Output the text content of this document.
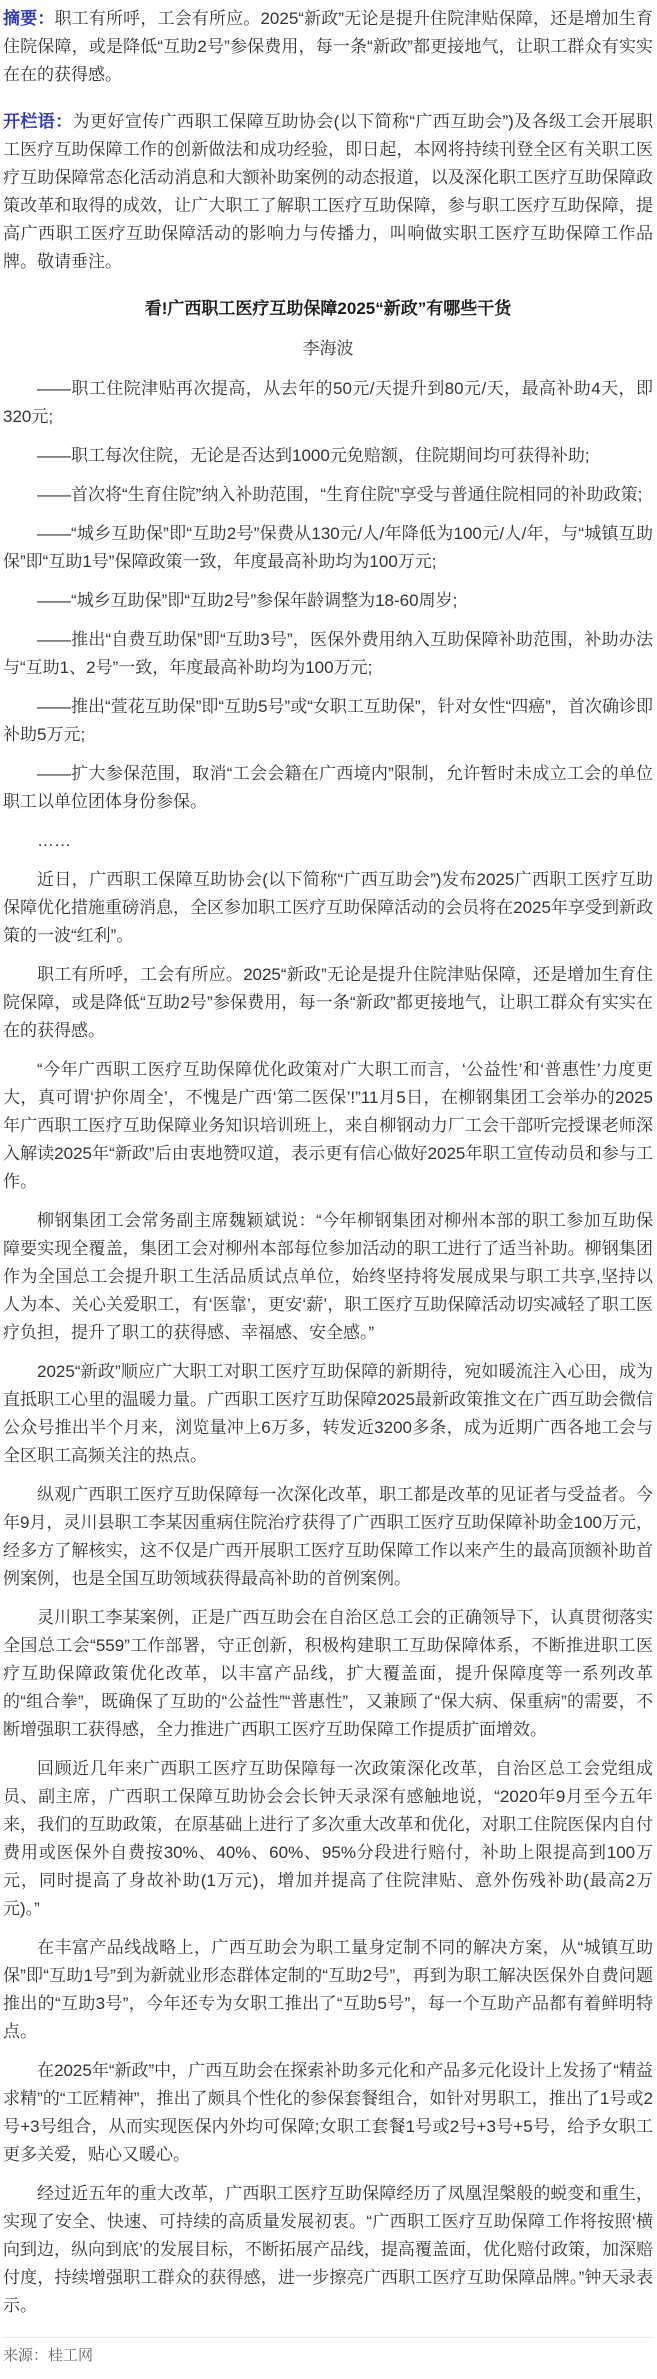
摘要：职工有所呼，工会有所应。2025“新政”无论是提升住院津贴保障，还是增加生育住院保障，或是降低“互助2号”参保费用，每一条“新政”都更接地气，让职工群众有实实在在的获得感。

开栏语：为更好宣传广西职工保障互助协会(以下简称“广西互助会”)及各级工会开展职工医疗互助保障工作的创新做法和成功经验，即日起，本网将持续刊登全区有关职工医疗互助保障常态化活动消息和大额补助案例的动态报道，以及深化职工医疗互助保障政策改革和取得的成效，让广大职工了解职工医疗互助保障，参与职工医疗互助保障，提高广西职工医疗互助保障活动的影响力与传播力，叫响做实职工医疗互助保障工作品牌。敬请垂注。

看!广西职工医疗互助保障2025“新政”有哪些干货
李海波

——职工住院津贴再次提高，从去年的50元/天提升到80元/天，最高补助4天，即320元;

——职工每次住院，无论是否达到1000元免赔额，住院期间均可获得补助;

——首次将“生育住院”纳入补助范围，“生育住院”享受与普通住院相同的补助政策;

——“城乡互助保”即“互助2号”保费从130元/人/年降低为100元/人/年，与“城镇互助保”即“互助1号”保障政策一致，年度最高补助均为100万元;

——“城乡互助保”即“互助2号”参保年龄调整为18-60周岁;

——推出“自费互助保”即“互助3号”，医保外费用纳入互助保障补助范围，补助办法与“互助1、2号”一致，年度最高补助均为100万元;

——推出“萱花互助保”即“互助5号”或“女职工互助保”，针对女性“四癌”，首次确诊即补助5万元;

——扩大参保范围，取消“工会会籍在广西境内”限制，允许暂时未成立工会的单位职工以单位团体身份参保。

……

近日，广西职工保障互助协会(以下简称“广西互助会”)发布2025广西职工医疗互助保障优化措施重磅消息，全区参加职工医疗互助保障活动的会员将在2025年享受到新政策的一波“红利”。

职工有所呼，工会有所应。2025“新政”无论是提升住院津贴保障，还是增加生育住院保障，或是降低“互助2号”参保费用，每一条“新政”都更接地气，让职工群众有实实在在的获得感。

“今年广西职工医疗互助保障优化政策对广大职工而言，‘公益性’和‘普惠性’力度更大，真可谓‘护你周全’，不愧是广西‘第二医保’!”11月5日，在柳钢集团工会举办的2025年广西职工医疗互助保障业务知识培训班上，来自柳钢动力厂工会干部听完授课老师深入解读2025年“新政”后由衷地赞叹道，表示更有信心做好2025年职工宣传动员和参与工作。

柳钢集团工会常务副主席魏颖斌说：“今年柳钢集团对柳州本部的职工参加互助保障要实现全覆盖，集团工会对柳州本部每位参加活动的职工进行了适当补助。柳钢集团作为全国总工会提升职工生活品质试点单位，始终坚持将发展成果与职工共享,坚持以人为本、关心关爱职工，有‘医靠’，更安‘薪’，职工医疗互助保障活动切实减轻了职工医疗负担，提升了职工的获得感、幸福感、安全感。”

2025“新政”顺应广大职工对职工医疗互助保障的新期待，宛如暖流注入心田，成为直抵职工心里的温暖力量。广西职工医疗互助保障2025最新政策推文在广西互助会微信公众号推出半个月来，浏览量冲上6万多，转发近3200多条，成为近期广西各地工会与全区职工高频关注的热点。

纵观广西职工医疗互助保障每一次深化改革，职工都是改革的见证者与受益者。今年9月，灵川县职工李某因重病住院治疗获得了广西职工医疗互助保障补助金100万元，经多方了解核实，这不仅是广西开展职工医疗互助保障工作以来产生的最高顶额补助首例案例，也是全国互助领域获得最高补助的首例案例。

灵川职工李某案例，正是广西互助会在自治区总工会的正确领导下，认真贯彻落实全国总工会“559”工作部署，守正创新，积极构建职工互助保障体系，不断推进职工医疗互助保障政策优化改革，以丰富产品线，扩大覆盖面，提升保障度等一系列改革的“组合拳”，既确保了互助的“公益性”“普惠性”，又兼顾了“保大病、保重病”的需要，不断增强职工获得感，全力推进广西职工医疗互助保障工作提质扩面增效。

回顾近几年来广西职工医疗互助保障每一次政策深化改革，自治区总工会党组成员、副主席，广西职工保障互助协会会长钟天录深有感触地说，“2020年9月至今五年来，我们的互助政策，在原基础上进行了多次重大改革和优化，对职工住院医保内自付费用或医保外自费按30%、40%、60%、95%分段进行赔付，补助上限提高到100万元，同时提高了身故补助(1万元)，增加并提高了住院津贴、意外伤残补助(最高2万元)。”

在丰富产品线战略上，广西互助会为职工量身定制不同的解决方案，从“城镇互助保”即“互助1号”到为新就业形态群体定制的“互助2号”，再到为职工解决医保外自费问题推出的“互助3号”，今年还专为女职工推出了“互助5号”，每一个互助产品都有着鲜明特点。

在2025年“新政”中，广西互助会在探索补助多元化和产品多元化设计上发扬了“精益求精”的“工匠精神”，推出了颇具个性化的参保套餐组合，如针对男职工，推出了1号或2号+3号组合，从而实现医保内外均可保障;女职工套餐1号或2号+3号+5号，给予女职工更多关爱，贴心又暖心。

经过近五年的重大改革，广西职工医疗互助保障经历了凤凰涅槃般的蜕变和重生，实现了安全、快速、可持续的高质量发展初衷。“广西职工医疗互助保障工作将按照‘横向到边，纵向到底’的发展目标，不断拓展产品线，提高覆盖面，优化赔付政策，加深赔付度，持续增强职工群众的获得感，进一步擦亮广西职工医疗互助保障品牌。”钟天录表示。

来源：桂工网
